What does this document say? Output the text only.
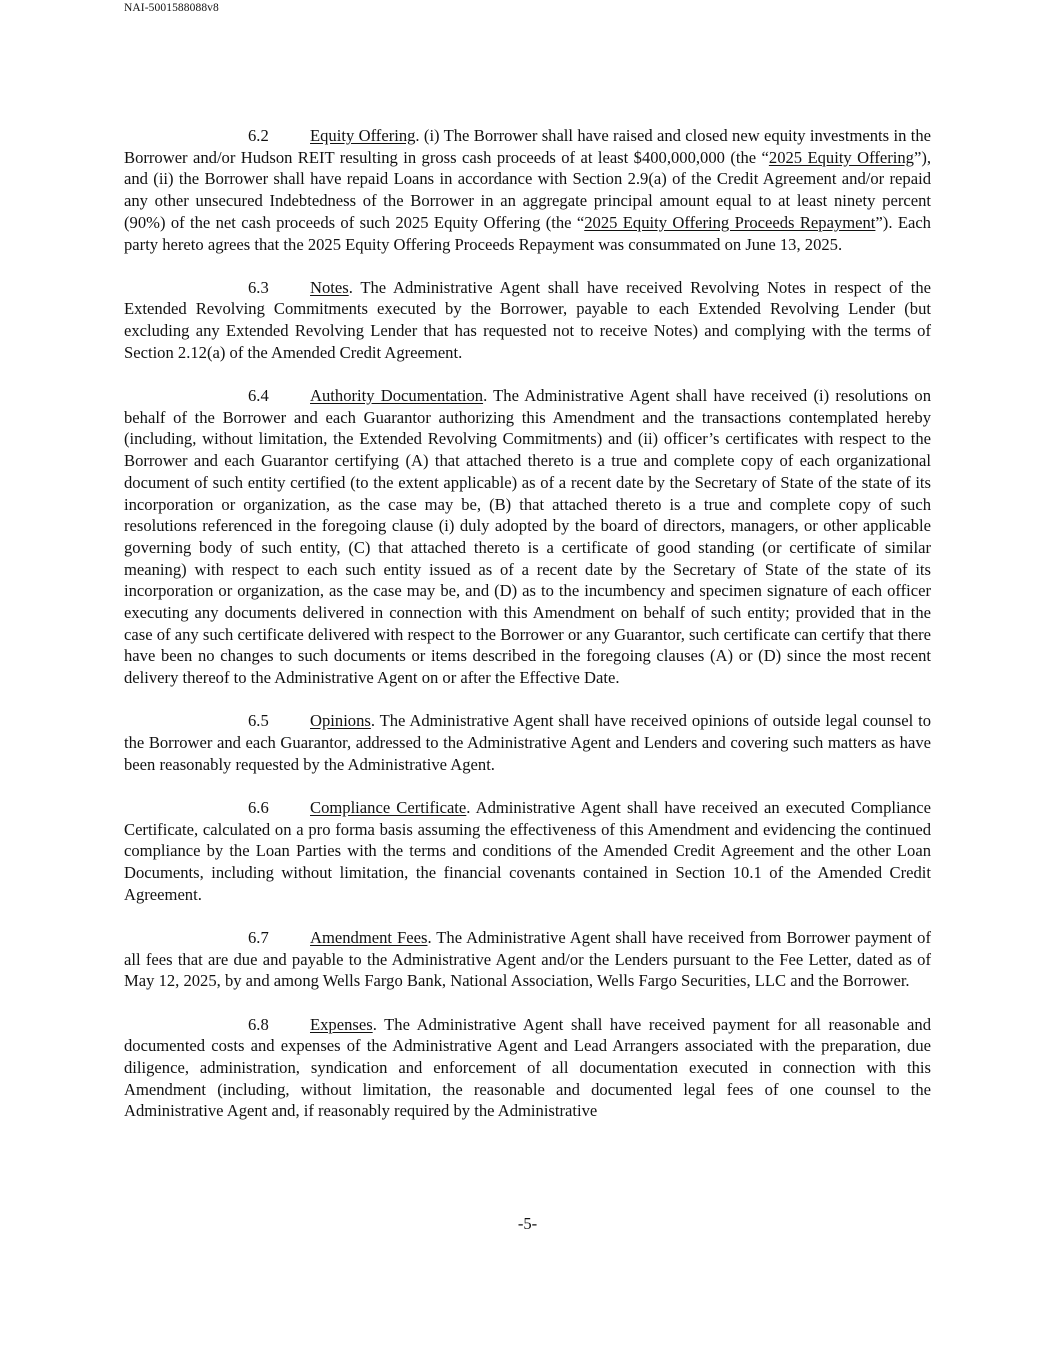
NAI-5001588088v8

6.2 Equity Offering. (i) The Borrower shall have raised and closed new equity investments in the Borrower and/or Hudson REIT resulting in gross cash proceeds of at least $400,000,000 (the “2025 Equity Offering”), and (ii) the Borrower shall have repaid Loans in accordance with Section 2.9(a) of the Credit Agreement and/or repaid any other unsecured Indebtedness of the Borrower in an aggregate principal amount equal to at least ninety percent (90%) of the net cash proceeds of such 2025 Equity Offering (the “2025 Equity Offering Proceeds Repayment”). Each party hereto agrees that the 2025 Equity Offering Proceeds Repayment was consummated on June 13, 2025.

6.3 Notes. The Administrative Agent shall have received Revolving Notes in respect of the Extended Revolving Commitments executed by the Borrower, payable to each Extended Revolving Lender (but excluding any Extended Revolving Lender that has requested not to receive Notes) and complying with the terms of Section 2.12(a) of the Amended Credit Agreement.

6.4 Authority Documentation. The Administrative Agent shall have received (i) resolutions on behalf of the Borrower and each Guarantor authorizing this Amendment and the transactions contemplated hereby (including, without limitation, the Extended Revolving Commitments) and (ii) officer’s certificates with respect to the Borrower and each Guarantor certifying (A) that attached thereto is a true and complete copy of each organizational document of such entity certified (to the extent applicable) as of a recent date by the Secretary of State of the state of its incorporation or organization, as the case may be, (B) that attached thereto is a true and complete copy of such resolutions referenced in the foregoing clause (i) duly adopted by the board of directors, managers, or other applicable governing body of such entity, (C) that attached thereto is a certificate of good standing (or certificate of similar meaning) with respect to each such entity issued as of a recent date by the Secretary of State of the state of its incorporation or organization, as the case may be, and (D) as to the incumbency and specimen signature of each officer executing any documents delivered in connection with this Amendment on behalf of such entity; provided that in the case of any such certificate delivered with respect to the Borrower or any Guarantor, such certificate can certify that there have been no changes to such documents or items described in the foregoing clauses (A) or (D) since the most recent delivery thereof to the Administrative Agent on or after the Effective Date.

6.5 Opinions. The Administrative Agent shall have received opinions of outside legal counsel to the Borrower and each Guarantor, addressed to the Administrative Agent and Lenders and covering such matters as have been reasonably requested by the Administrative Agent.

6.6 Compliance Certificate. Administrative Agent shall have received an executed Compliance Certificate, calculated on a pro forma basis assuming the effectiveness of this Amendment and evidencing the continued compliance by the Loan Parties with the terms and conditions of the Amended Credit Agreement and the other Loan Documents, including without limitation, the financial covenants contained in Section 10.1 of the Amended Credit Agreement.

6.7 Amendment Fees. The Administrative Agent shall have received from Borrower payment of all fees that are due and payable to the Administrative Agent and/or the Lenders pursuant to the Fee Letter, dated as of May 12, 2025, by and among Wells Fargo Bank, National Association, Wells Fargo Securities, LLC and the Borrower.

6.8 Expenses. The Administrative Agent shall have received payment for all reasonable and documented costs and expenses of the Administrative Agent and Lead Arrangers associated with the preparation, due diligence, administration, syndication and enforcement of all documentation executed in connection with this Amendment (including, without limitation, the reasonable and documented legal fees of one counsel to the Administrative Agent and, if reasonably required by the Administrative

-5-
